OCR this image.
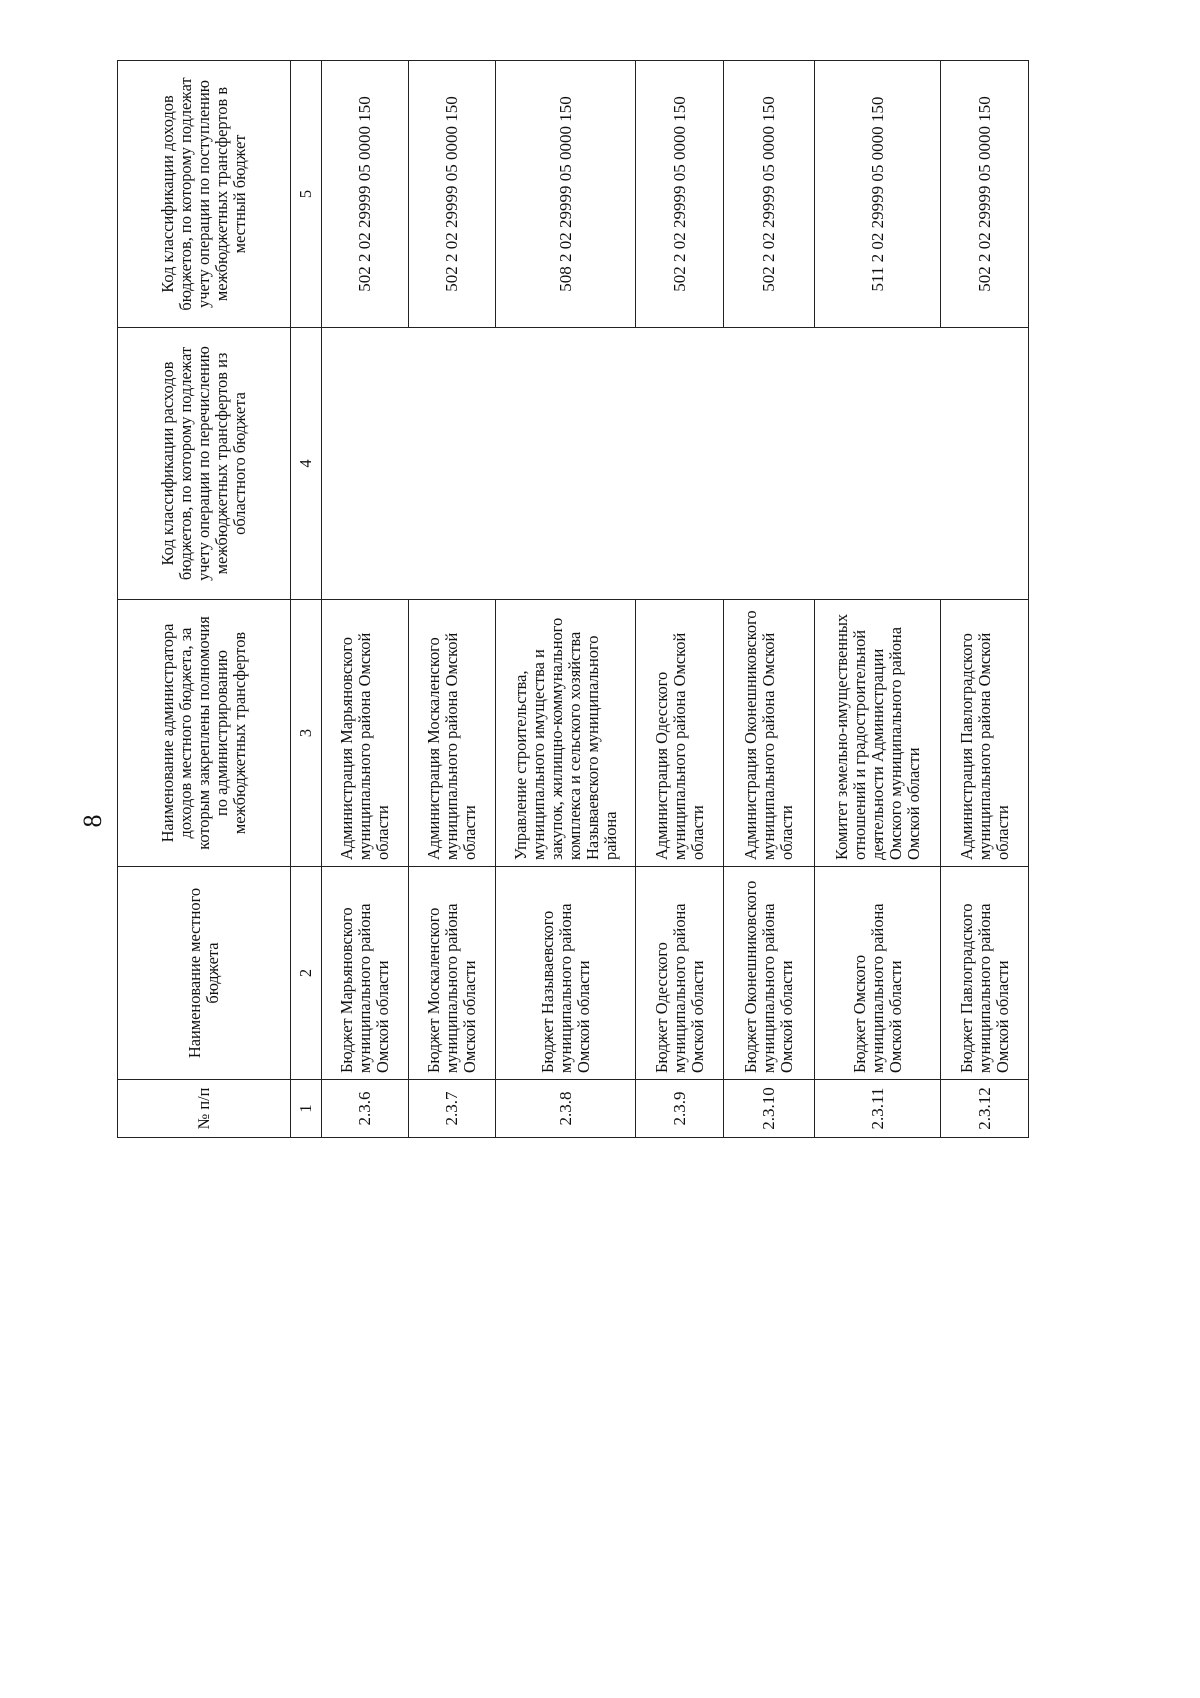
8
№ п/п	Наименование местного бюджета	Наименование администратора доходов местного бюджета, за которым закреплены полномочия по администрированию межбюджетных трансфертов	Код классификации расходов бюджетов, по которому подлежат учету операции по перечислению межбюджетных трансфертов из областного бюджета	Код классификации доходов бюджетов, по которому подлежат учету операции по поступлению межбюджетных трансфертов в местный бюджет
1	2	3	4	5
2.3.6	Бюджет Марьяновского муниципального района Омской области	Администрация Марьяновского муниципального района Омской области		502 2 02 29999 05 0000 150
2.3.7	Бюджет Москаленского муниципального района Омской области	Администрация Москаленского муниципального района Омской области		502 2 02 29999 05 0000 150
2.3.8	Бюджет Называевского муниципального района Омской области	Управление строительства, муниципального имущества и закупок, жилищно-коммунального комплекса и сельского хозяйства Называевского муниципального района		508 2 02 29999 05 0000 150
2.3.9	Бюджет Одесского муниципального района Омской области	Администрация Одесского муниципального района Омской области		502 2 02 29999 05 0000 150
2.3.10	Бюджет Оконешниковского муниципального района Омской области	Администрация Оконешниковского муниципального района Омской области		502 2 02 29999 05 0000 150
2.3.11	Бюджет Омского муниципального района Омской области	Комитет земельно-имущественных отношений и градостроительной деятельности Администрации Омского муниципального района Омской области		511 2 02 29999 05 0000 150
2.3.12	Бюджет Павлоградского муниципального района Омской области	Администрация Павлоградского муниципального района Омской области		502 2 02 29999 05 0000 150
